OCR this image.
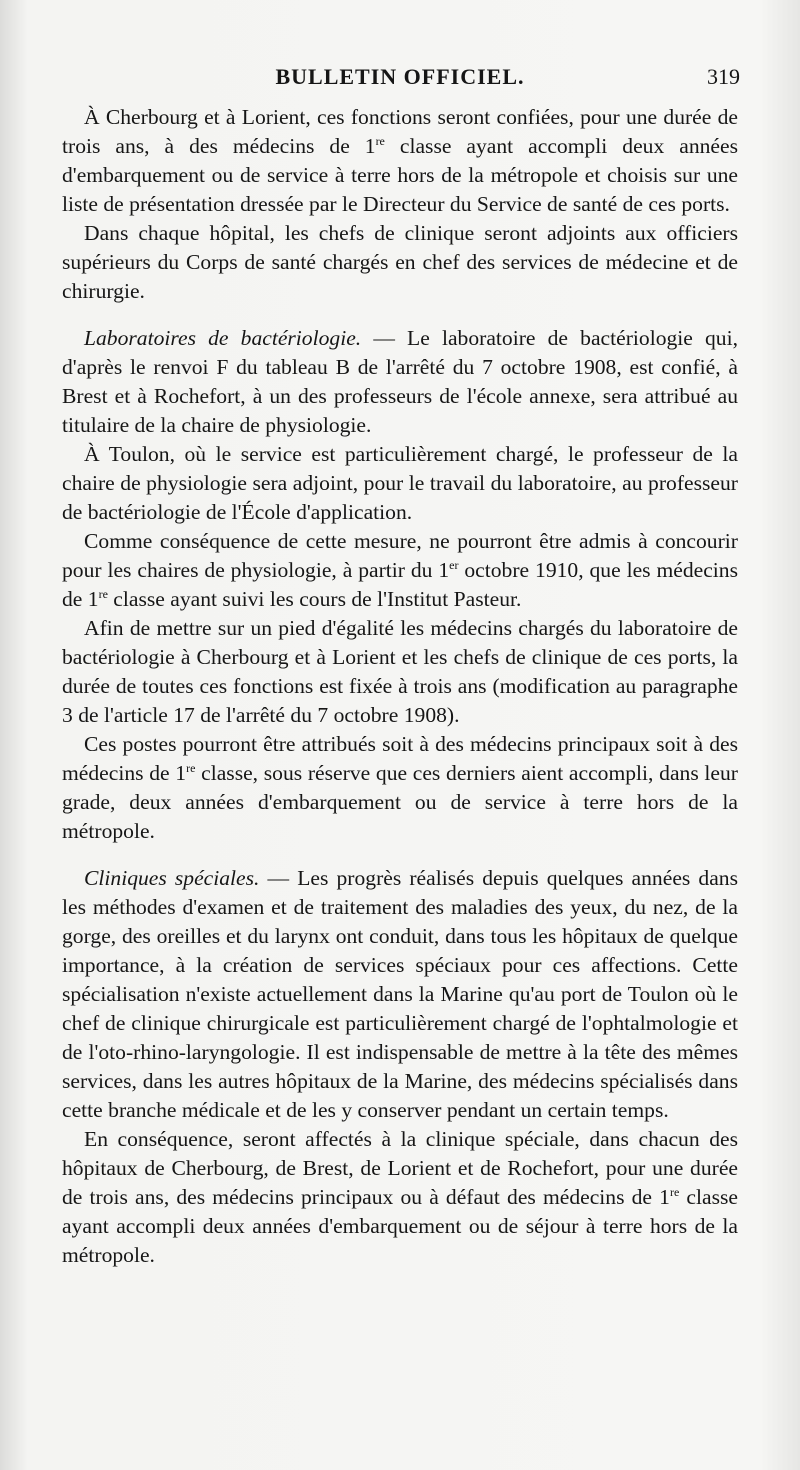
BULLETIN OFFICIEL.	319

À Cherbourg et à Lorient, ces fonctions seront confiées, pour une durée de trois ans, à des médecins de 1re classe ayant accompli deux années d'embarquement ou de service à terre hors de la métropole et choisis sur une liste de présentation dressée par le Directeur du Service de santé de ces ports.

Dans chaque hôpital, les chefs de clinique seront adjoints aux officiers supérieurs du Corps de santé chargés en chef des services de médecine et de chirurgie.

Laboratoires de bactériologie. — Le laboratoire de bactériologie qui, d'après le renvoi F du tableau B de l'arrêté du 7 octobre 1908, est confié, à Brest et à Rochefort, à un des professeurs de l'école annexe, sera attribué au titulaire de la chaire de physiologie.

À Toulon, où le service est particulièrement chargé, le professeur de la chaire de physiologie sera adjoint, pour le travail du laboratoire, au professeur de bactériologie de l'École d'application.

Comme conséquence de cette mesure, ne pourront être admis à concourir pour les chaires de physiologie, à partir du 1er octobre 1910, que les médecins de 1re classe ayant suivi les cours de l'Institut Pasteur.

Afin de mettre sur un pied d'égalité les médecins chargés du laboratoire de bactériologie à Cherbourg et à Lorient et les chefs de clinique de ces ports, la durée de toutes ces fonctions est fixée à trois ans (modification au paragraphe 3 de l'article 17 de l'arrêté du 7 octobre 1908).

Ces postes pourront être attribués soit à des médecins principaux soit à des médecins de 1re classe, sous réserve que ces derniers aient accompli, dans leur grade, deux années d'embarquement ou de service à terre hors de la métropole.

Cliniques spéciales. — Les progrès réalisés depuis quelques années dans les méthodes d'examen et de traitement des maladies des yeux, du nez, de la gorge, des oreilles et du larynx ont conduit, dans tous les hôpitaux de quelque importance, à la création de services spéciaux pour ces affections. Cette spécialisation n'existe actuellement dans la Marine qu'au port de Toulon où le chef de clinique chirurgicale est particulièrement chargé de l'ophtalmologie et de l'oto-rhino-laryngologie. Il est indispensable de mettre à la tête des mêmes services, dans les autres hôpitaux de la Marine, des médecins spécialisés dans cette branche médicale et de les y conserver pendant un certain temps.

En conséquence, seront affectés à la clinique spéciale, dans chacun des hôpitaux de Cherbourg, de Brest, de Lorient et de Rochefort, pour une durée de trois ans, des médecins principaux ou à défaut des médecins de 1re classe ayant accompli deux années d'embarquement ou de séjour à terre hors de la métropole.
